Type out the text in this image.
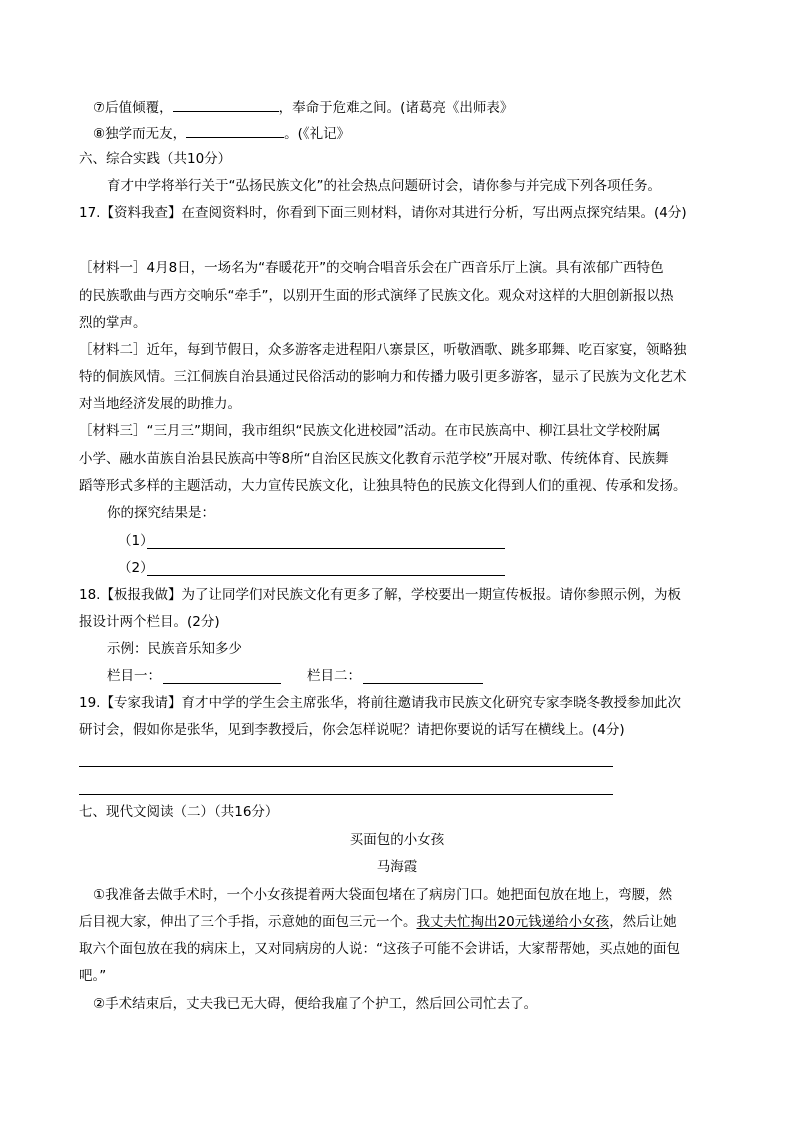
⑦后值倾覆，	，奉命于危难之间。(诸葛亮《出师表》
⑧独学而无友，	。(《礼记》
六、综合实践（共10分）
育才中学将举行关于“弘扬民族文化”的社会热点问题研讨会，请你参与并完成下列各项任务。
17.【资料我查】在查阅资料时，你看到下面三则材料，请你对其进行分析，写出两点探究结果。(4分)
［材料一］4月8日，一场名为“春暖花开”的交响合唱音乐会在广西音乐厅上演。具有浓郁广西特色
的民族歌曲与西方交响乐“牵手”，以别开生面的形式演绎了民族文化。观众对这样的大胆创新报以热
烈的掌声。
［材料二］近年，每到节假日，众多游客走进程阳八寨景区，听敬酒歌、跳多耶舞、吃百家宴，领略独
特的侗族风情。三江侗族自治县通过民俗活动的影响力和传播力吸引更多游客，显示了民族为文化艺术
对当地经济发展的助推力。
［材料三］“三月三”期间，我市组织“民族文化进校园”活动。在市民族高中、柳江县壮文学校附属
小学、融水苗族自治县民族高中等8所“自治区民族文化教育示范学校”开展对歌、传统体育、民族舞
蹈等形式多样的主题活动，大力宣传民族文化，让独具特色的民族文化得到人们的重视、传承和发扬。
你的探究结果是：
（1）
（2）
18.【板报我做】为了让同学们对民族文化有更多了解，学校要出一期宣传板报。请你参照示例，为板
报设计两个栏目。(2分)
示例：民族音乐知多少
栏目一：	栏目二：
19.【专家我请】育才中学的学生会主席张华，将前往邀请我市民族文化研究专家李晓冬教授参加此次
研讨会，假如你是张华，见到李教授后，你会怎样说呢？请把你要说的话写在横线上。(4分)
七、现代文阅读（二）（共16分）
买面包的小女孩
马海霞
①我准备去做手术时，一个小女孩提着两大袋面包堵在了病房门口。她把面包放在地上，弯腰，然
后目视大家，伸出了三个手指，示意她的面包三元一个。我丈夫忙掏出20元钱递给小女孩，然后让她
取六个面包放在我的病床上，又对同病房的人说：“这孩子可能不会讲话，大家帮帮她，买点她的面包
吧。”
②手术结束后，丈夫我已无大碍，便给我雇了个护工，然后回公司忙去了。
